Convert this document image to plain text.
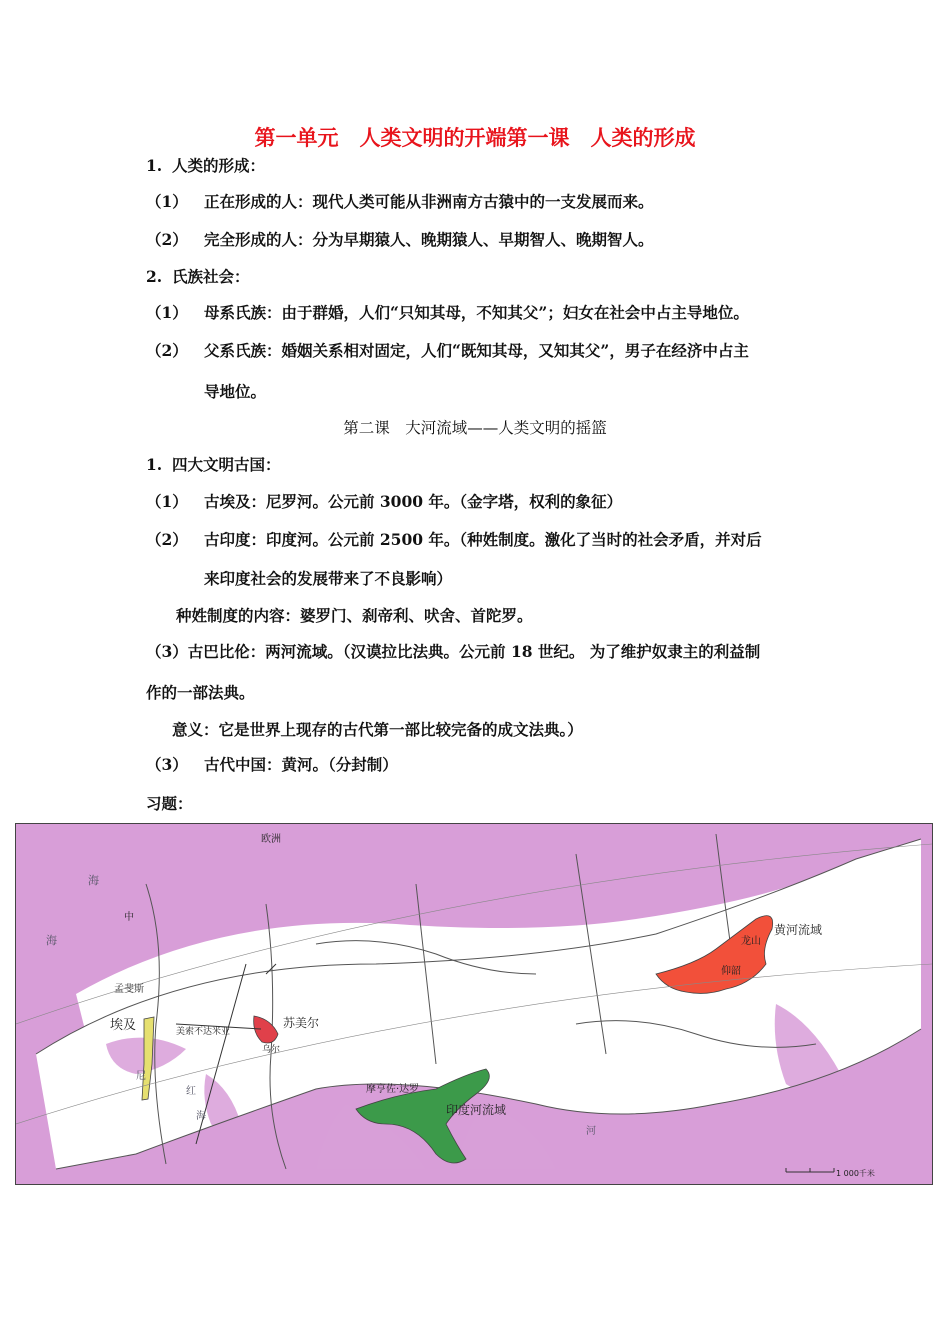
第一单元　人类文明的开端第一课　人类的形成
1. 人类的形成：
（1） 正在形成的人：现代人类可能从非洲南方古猿中的一支发展而来。
（2） 完全形成的人：分为早期猿人、晚期猿人、早期智人、晚期智人。
2. 氏族社会：
（1） 母系氏族：由于群婚，人们“只知其母，不知其父”；妇女在社会中占主导地位。
（2） 父系氏族：婚姻关系相对固定，人们“既知其母，又知其父”，男子在经济中占主
导地位。
第二课　大河流域——人类文明的摇篮
1. 四大文明古国：
（1） 古埃及：尼罗河。公元前 3000 年。（金字塔，权利的象征）
（2） 古印度：印度河。公元前 2500 年。（种姓制度。激化了当时的社会矛盾，并对后
来印度社会的发展带来了不良影响）
种姓制度的内容：婆罗门、刹帝利、吠舍、首陀罗。
（3）古巴比伦：两河流域。（汉谟拉比法典。公元前 18 世纪。 为了维护奴隶主的利益制
作的一部法典。
意义：它是世界上现存的古代第一部比较完备的成文法典。）
（3） 古代中国：黄河。（分封制）
习题：
欧洲
中
孟斐斯
埃及	美索不达米亚
苏美尔
乌尔
摩亨佐·达罗
印度河流域
龙山
黄河流域
仰韶
海
海
红
海
尼
河
1 000千米
